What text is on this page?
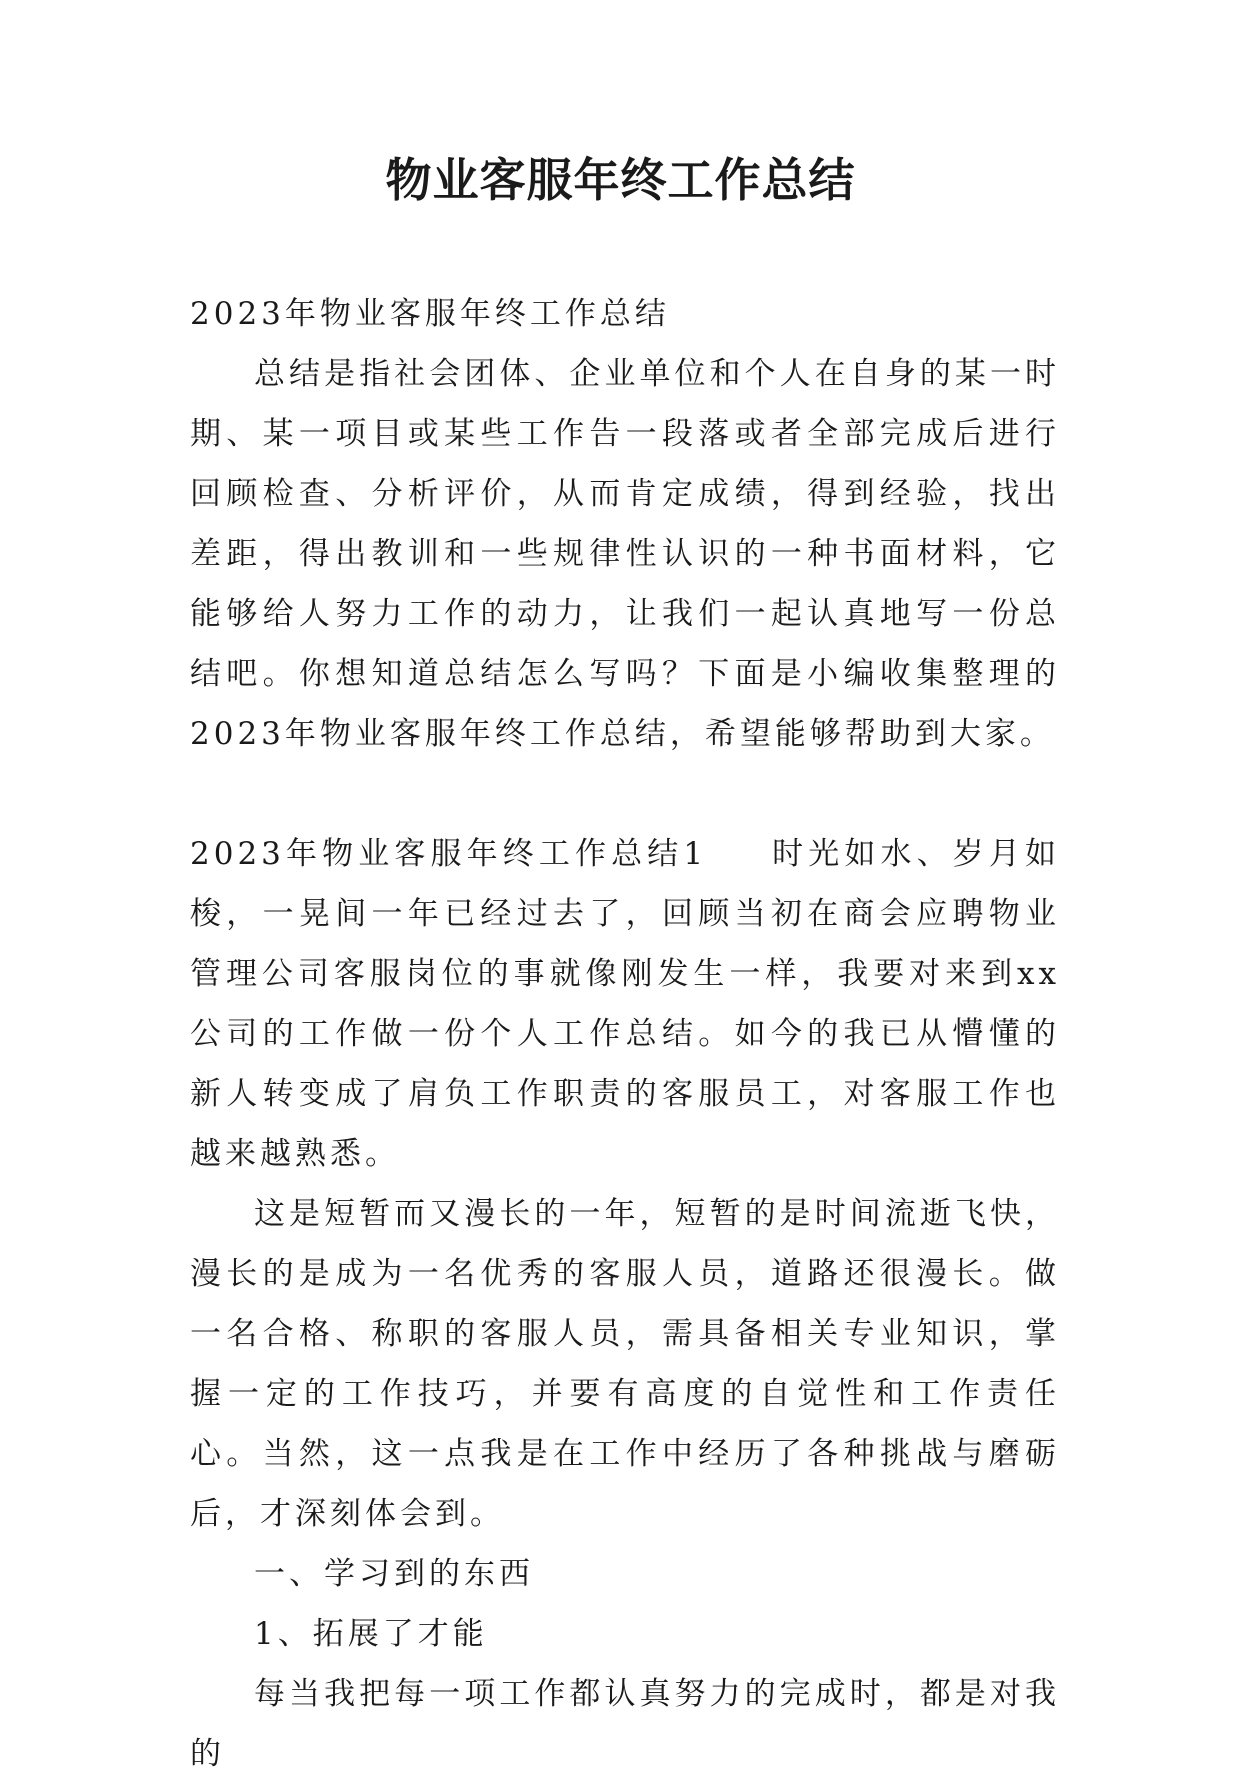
物业客服年终工作总结

2023年物业客服年终工作总结

总结是指社会团体、企业单位和个人在自身的某一时期、某一项目或某些工作告一段落或者全部完成后进行回顾检查、分析评价，从而肯定成绩，得到经验，找出差距，得出教训和一些规律性认识的一种书面材料，它能够给人努力工作的动力，让我们一起认真地写一份总结吧。你想知道总结怎么写吗？下面是小编收集整理的2023年物业客服年终工作总结，希望能够帮助到大家。

2023年物业客服年终工作总结1 时光如水、岁月如梭，一晃间一年已经过去了，回顾当初在商会应聘物业管理公司客服岗位的事就像刚发生一样，我要对来到xx公司的工作做一份个人工作总结。如今的我已从懵懂的新人转变成了肩负工作职责的客服员工，对客服工作也越来越熟悉。

这是短暂而又漫长的一年，短暂的是时间流逝飞快，漫长的是成为一名优秀的客服人员，道路还很漫长。做一名合格、称职的客服人员，需具备相关专业知识，掌握一定的工作技巧，并要有高度的自觉性和工作责任心。当然，这一点我是在工作中经历了各种挑战与磨砺后，才深刻体会到。

一、学习到的东西

1、拓展了才能

每当我把每一项工作都认真努力的完成时，都是对我的
